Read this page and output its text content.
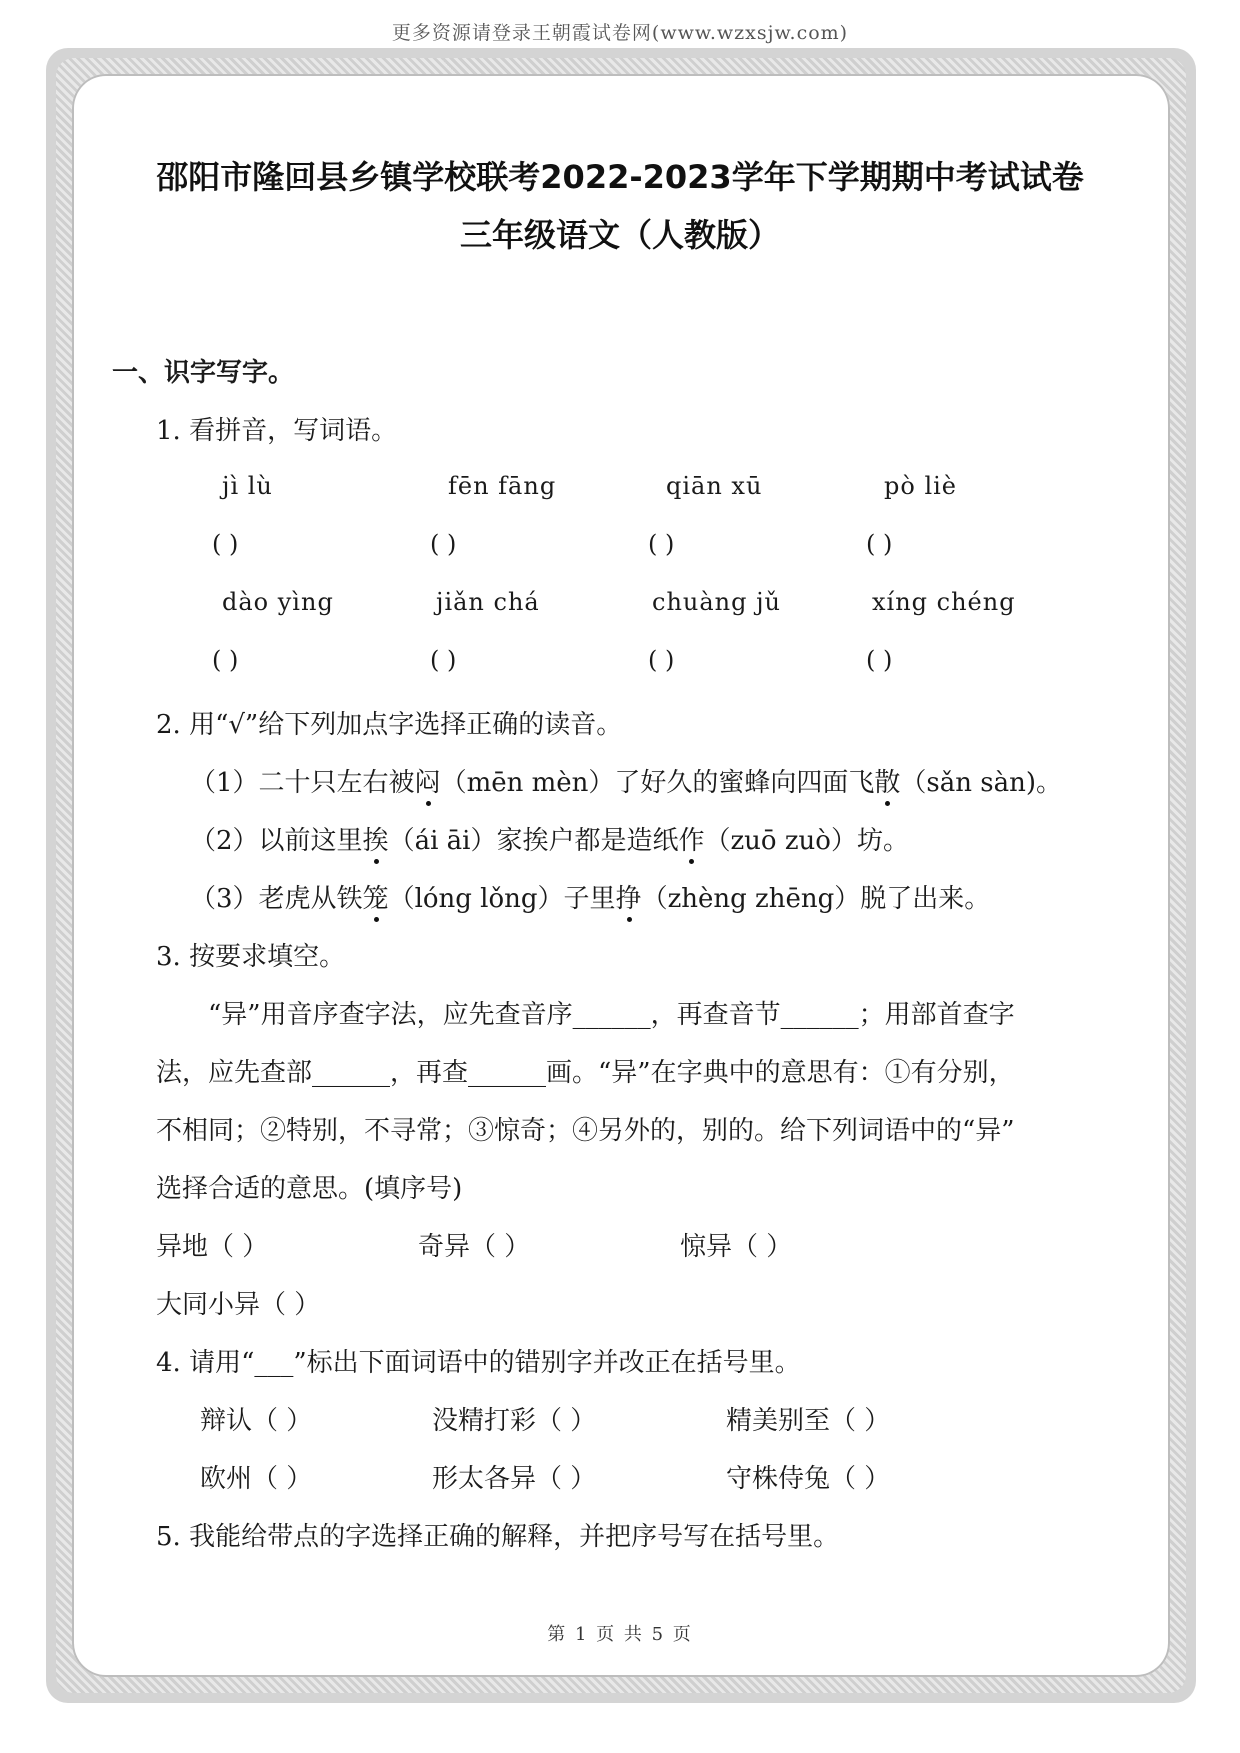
更多资源请登录王朝霞试卷网(www.wzxsjw.com)
邵阳市隆回县乡镇学校联考2022-2023学年下学期期中考试试卷
三年级语文（人教版）
一、识字写字。
1. 看拼音，写词语。
jì lù	fēn fāng	qiān xū	pò liè
( )	( )	( )	( )
dào yìng	jiǎn chá	chuàng jǔ	xíng chéng
( )	( )	( )	( )
2. 用“√”给下列加点字选择正确的读音。
（1）二十只左右被闷（mēn mèn）了好久的蜜蜂向四面飞散（sǎn sàn)。
（2）以前这里挨（ái āi）家挨户都是造纸作（zuō zuò）坊。
（3）老虎从铁笼（lóng lǒng）子里挣（zhèng zhēng）脱了出来。
3. 按要求填空。
“异”用音序查字法，应先查音序______，再查音节______；用部首查字
法，应先查部______，再查______画。“异”在字典中的意思有：①有分别，
不相同；②特别，不寻常；③惊奇；④另外的，别的。给下列词语中的“异”
选择合适的意思。(填序号)
异地（ ）	奇异（ ）	惊异（ ）
大同小异（ ）
4. 请用“___”标出下面词语中的错别字并改正在括号里。
辩认（ ）	没精打彩（ ）	精美别至（ ）
欧州（ ）	形太各异（ ）	守株侍兔（ ）
5. 我能给带点的字选择正确的解释，并把序号写在括号里。
第 1 页 共 5 页
